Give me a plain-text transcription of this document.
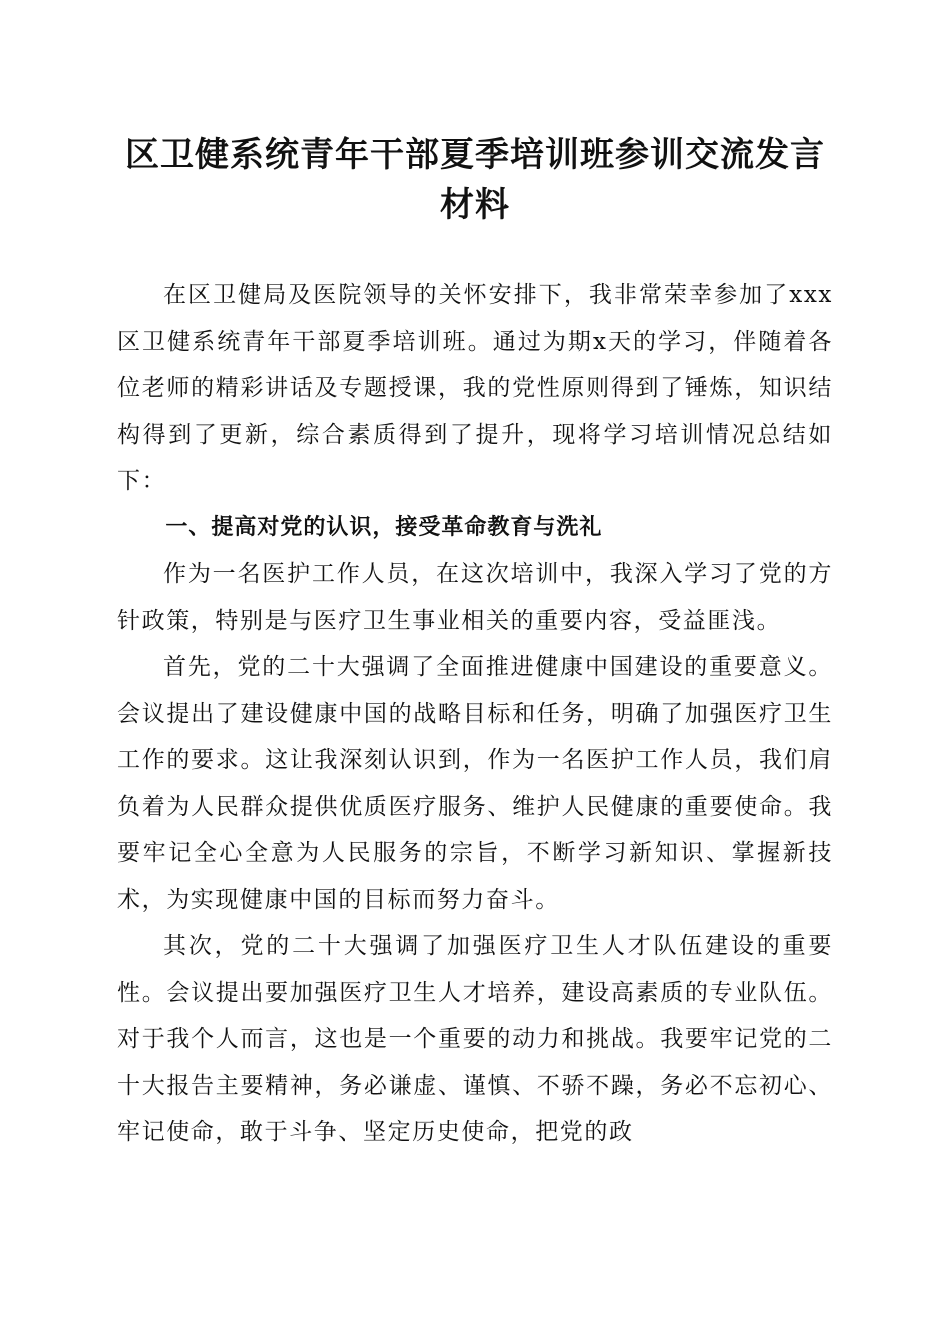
区卫健系统青年干部夏季培训班参训交流发言材料

在区卫健局及医院领导的关怀安排下，我非常荣幸参加了xxx区卫健系统青年干部夏季培训班。通过为期x天的学习，伴随着各位老师的精彩讲话及专题授课，我的党性原则得到了锤炼，知识结构得到了更新，综合素质得到了提升，现将学习培训情况总结如下：

一、提高对党的认识，接受革命教育与洗礼

作为一名医护工作人员，在这次培训中，我深入学习了党的方针政策，特别是与医疗卫生事业相关的重要内容，受益匪浅。

首先，党的二十大强调了全面推进健康中国建设的重要意义。会议提出了建设健康中国的战略目标和任务，明确了加强医疗卫生工作的要求。这让我深刻认识到，作为一名医护工作人员，我们肩负着为人民群众提供优质医疗服务、维护人民健康的重要使命。我要牢记全心全意为人民服务的宗旨，不断学习新知识、掌握新技术，为实现健康中国的目标而努力奋斗。

其次，党的二十大强调了加强医疗卫生人才队伍建设的重要性。会议提出要加强医疗卫生人才培养，建设高素质的专业队伍。对于我个人而言，这也是一个重要的动力和挑战。我要牢记党的二十大报告主要精神，务必谦虚、谨慎、不骄不躁，务必不忘初心、牢记使命，敢于斗争、坚定历史使命，把党的政
